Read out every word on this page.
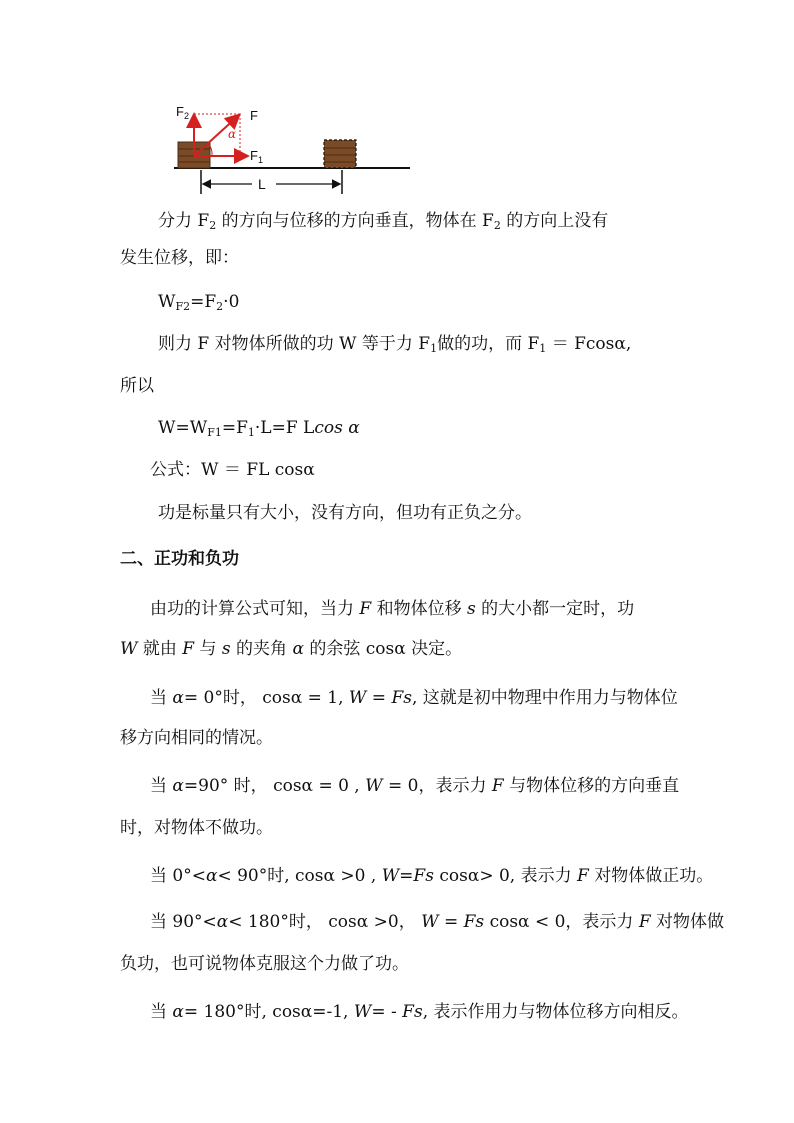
$F_2$	F
α
$F_1$
L
分力 $F_2$ 的方向与位移的方向垂直，物体在 $F_2$ 的方向上没有
发生位移，即：
$W_{F2}=F_2\cdot 0$
则力 F 对物体所做的功 W 等于力 $F_1$做的功，而 $F_1 = Fcos\alpha$,
所以
$W=W_{F1}=F_1\cdot L=F$ Lcos α
公式：W ＝ FL cosα
功是标量只有大小，没有方向，但功有正负之分。
二、正功和负功
由功的计算公式可知，当力 F 和物体位移 s 的大小都一定时，功
W 就由 F 与 s 的夹角 α 的余弦 cosα 决定。
当 α= 0°时， cosα = 1, W = Fs, 这就是初中物理中作用力与物体位
移方向相同的情况。
当 α=90° 时， cosα = 0 , W = 0，表示力 F 与物体位移的方向垂直
时，对物体不做功。
当 0°<α< 90°时, cosα >0 , W=Fs cosα> 0, 表示力 F 对物体做正功。
当 90°<α< 180°时， cosα >0， W = Fs cosα < 0，表示力 F 对物体做
负功，也可说物体克服这个力做了功。
当 α= 180°时, cosα=-1, W= - Fs, 表示作用力与物体位移方向相反。
